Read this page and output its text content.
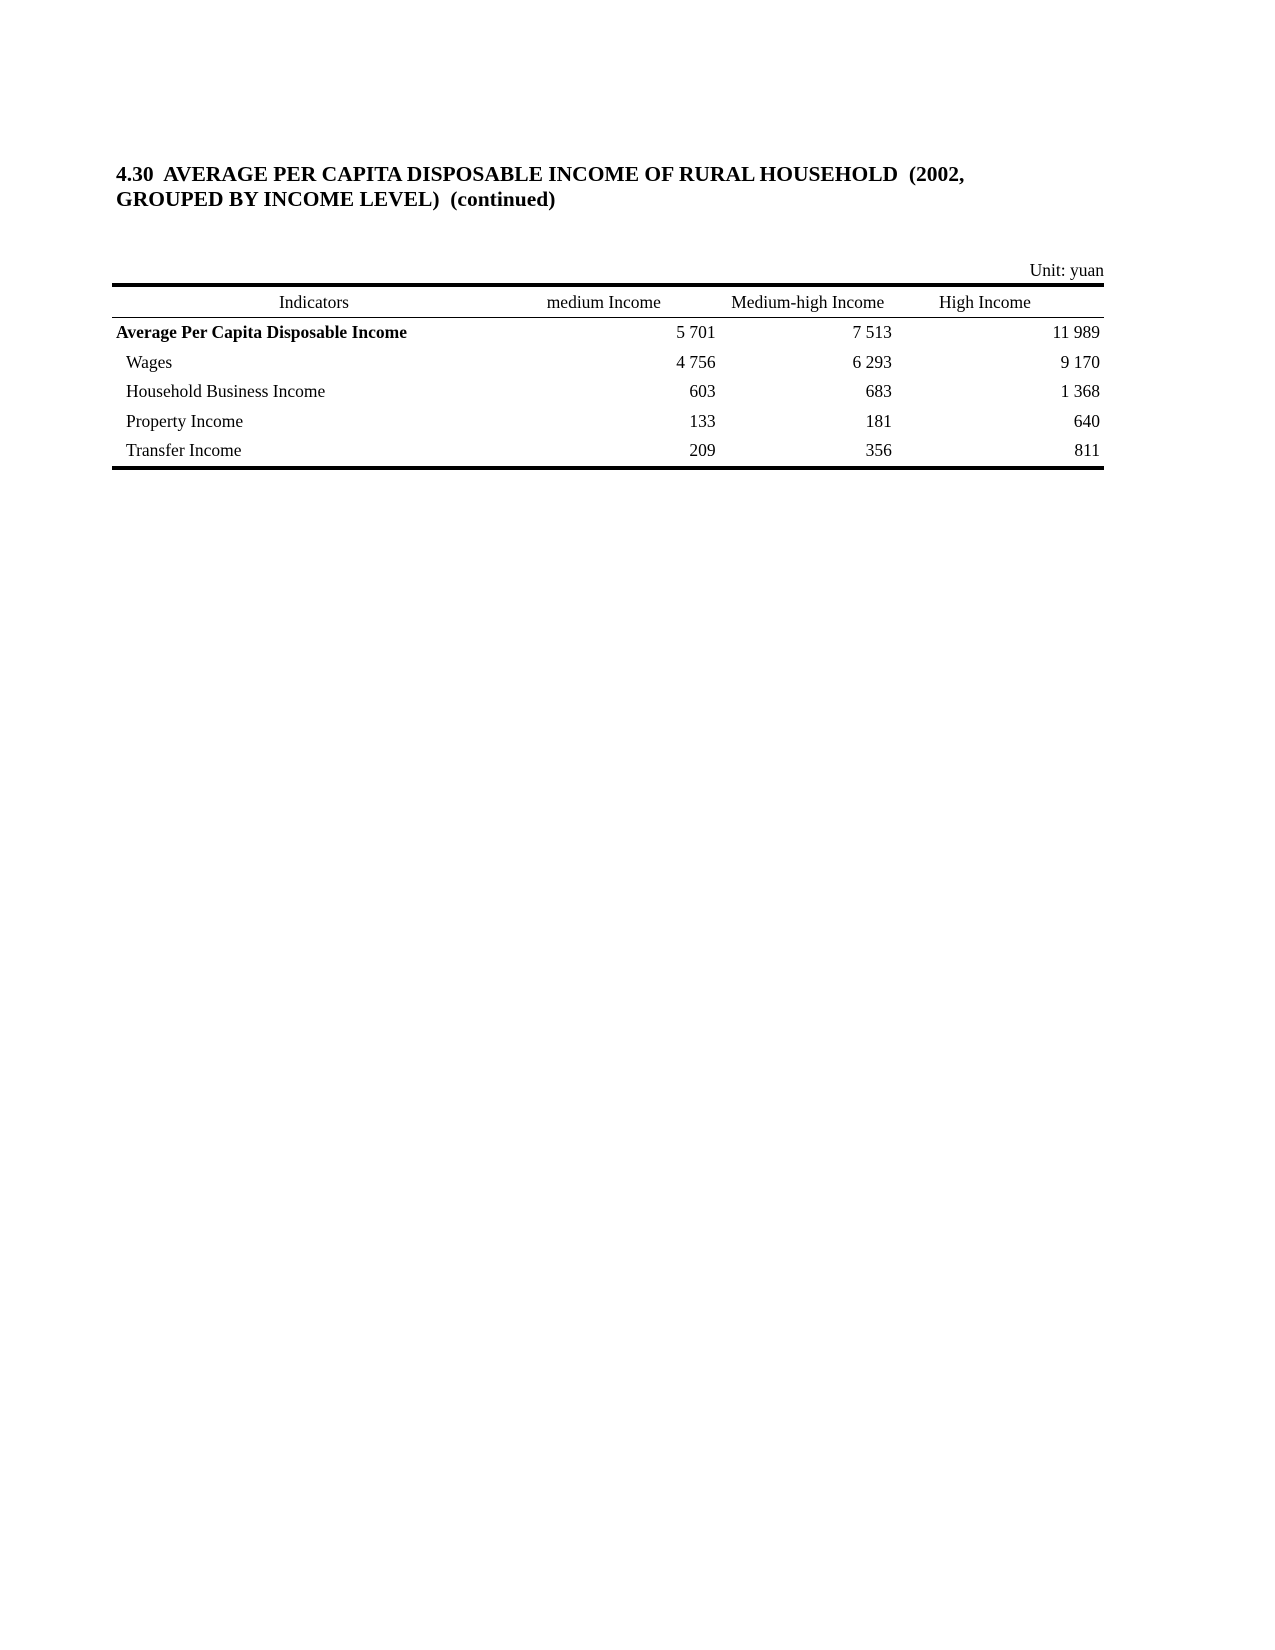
4.30  AVERAGE PER CAPITA DISPOSABLE INCOME OF RURAL HOUSEHOLD  (2002,
GROUPED BY INCOME LEVEL)  (continued)
Unit: yuan
Indicators	medium Income	Medium-high Income	High Income
Average Per Capita Disposable Income	5 701	7 513	11 989
Wages	4 756	6 293	9 170
Household Business Income	603	683	1 368
Property Income	133	181	640
Transfer Income	209	356	811
